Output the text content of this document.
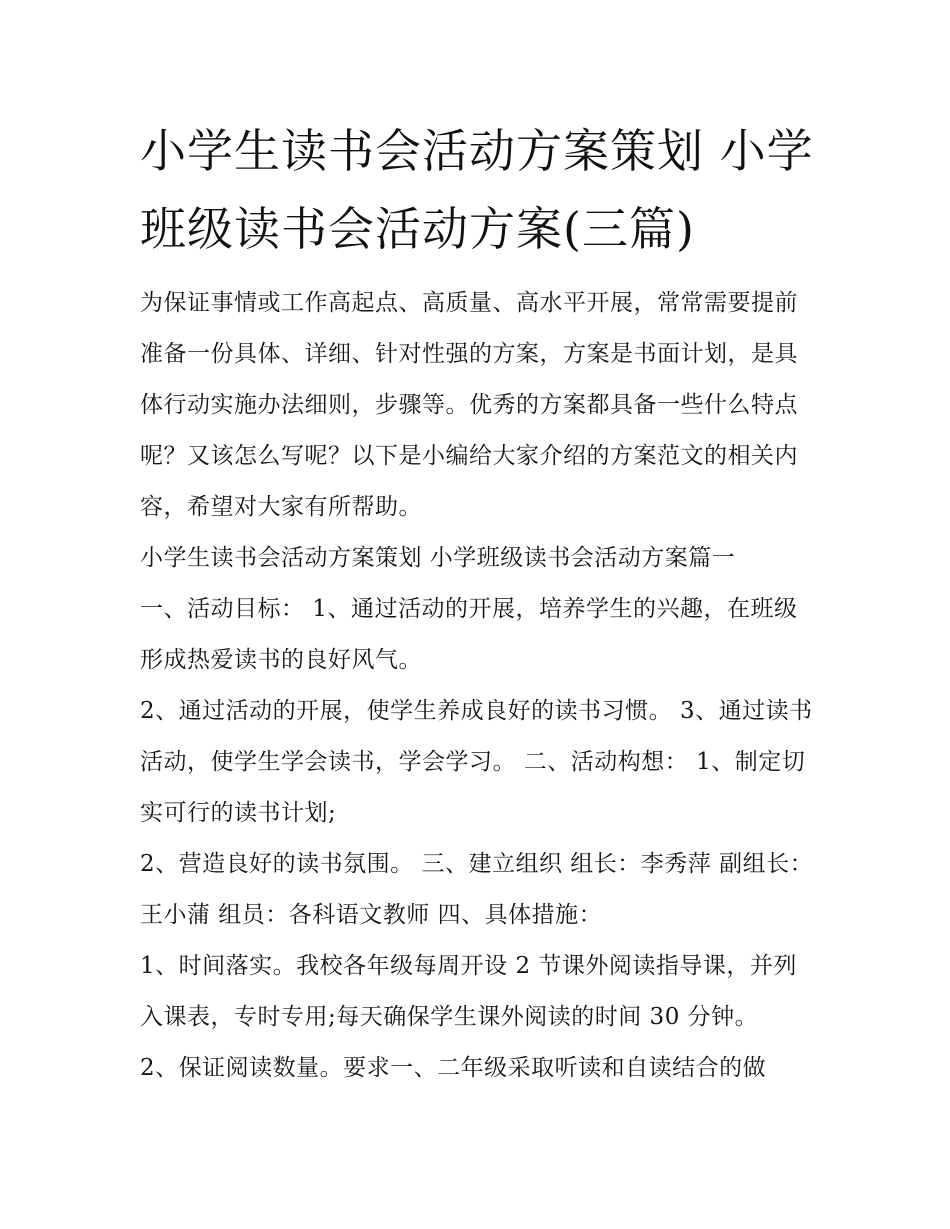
小学生读书会活动方案策划 小学班级读书会活动方案(三篇)

为保证事情或工作高起点、高质量、高水平开展，常常需要提前准备一份具体、详细、针对性强的方案，方案是书面计划，是具体行动实施办法细则，步骤等。优秀的方案都具备一些什么特点呢？又该怎么写呢？以下是小编给大家介绍的方案范文的相关内容，希望对大家有所帮助。

小学生读书会活动方案策划 小学班级读书会活动方案篇一

一、活动目标： 1、通过活动的开展，培养学生的兴趣，在班级形成热爱读书的良好风气。

2、通过活动的开展，使学生养成良好的读书习惯。 3、通过读书活动，使学生学会读书，学会学习。 二、活动构想： 1、制定切实可行的读书计划;

2、营造良好的读书氛围。 三、建立组织 组长：李秀萍 副组长：王小蒲 组员：各科语文教师 四、具体措施：

1、时间落实。我校各年级每周开设 2 节课外阅读指导课，并列入课表，专时专用;每天确保学生课外阅读的时间 30 分钟。

2、保证阅读数量。要求一、二年级采取听读和自读结合的做
